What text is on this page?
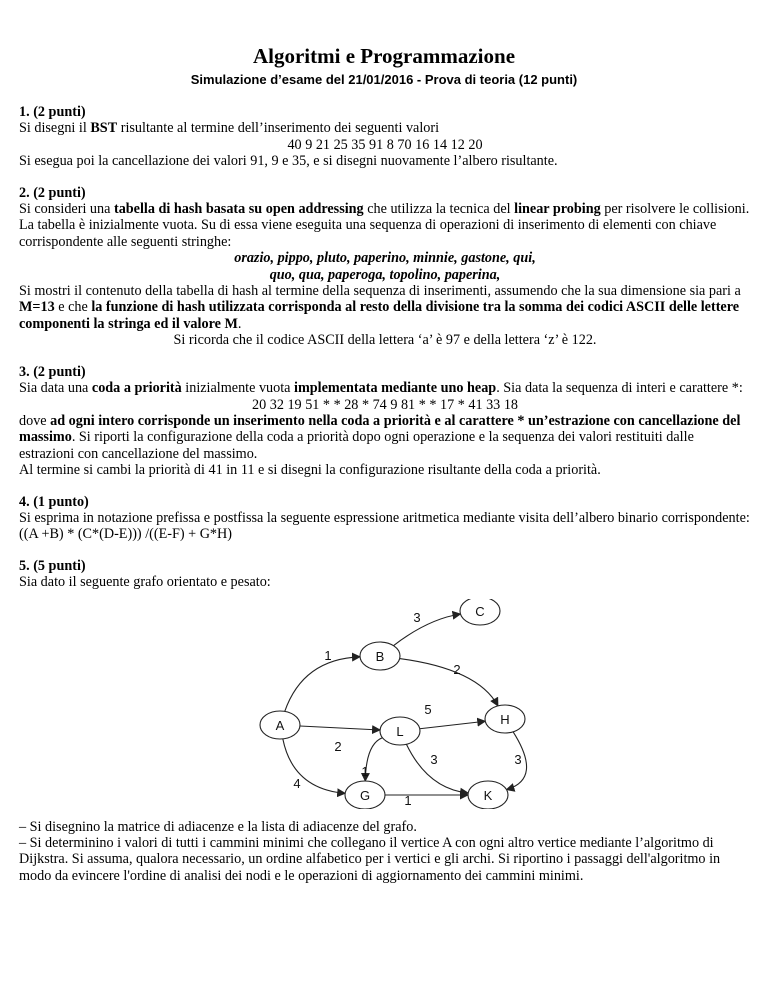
Algoritmi e Programmazione
Simulazione d’esame del 21/01/2016 - Prova di teoria (12 punti)

1. (2 punti)

Si disegni il BST risultante al termine dell’inserimento dei seguenti valori

40 9 21 25 35 91 8 70 16 14 12 20

Si esegua poi la cancellazione dei valori 91, 9 e 35, e si disegni nuovamente l’albero risultante.

2. (2 punti)

Si consideri una tabella di hash basata su open addressing che utilizza la tecnica del linear probing per risolvere le collisioni. La tabella è inizialmente vuota. Su di essa viene eseguita una sequenza di operazioni di inserimento di elementi con chiave corrispondente alle seguenti stringhe:

orazio, pippo, pluto, paperino, minnie, gastone, qui,

quo, qua, paperoga, topolino, paperina,

Si mostri il contenuto della tabella di hash al termine della sequenza di inserimenti, assumendo che la sua dimensione sia pari a M=13 e che la funzione di hash utilizzata corrisponda al resto della divisione tra la somma dei codici ASCII delle lettere componenti la stringa ed il valore M.

Si ricorda che il codice ASCII della lettera ‘a’ è 97 e della lettera ‘z’ è 122.

3. (2 punti)

Sia data una coda a priorità inizialmente vuota implementata mediante uno heap. Sia data la sequenza di interi e carattere *:

20 32 19 51 * * 28 * 74 9 81 * * 17 * 41 33 18

dove ad ogni intero corrisponde un inserimento nella coda a priorità e al carattere * un’estrazione con cancellazione del massimo. Si riporti la configurazione della coda a priorità dopo ogni operazione e la sequenza dei valori restituiti dalle estrazioni con cancellazione del massimo.

Al termine si cambi la priorità di 41 in 11 e si disegni la configurazione risultante della coda a priorità.

4. (1 punto)

Si esprima in notazione prefissa e postfissa la seguente espressione aritmetica mediante visita dell’albero binario corrispondente: ((A +B) * (C*(D-E))) /((E-F) + G*H)

5. (5 punti)

Sia dato il seguente grafo orientato e pesato:

1
3
2
2
5
1
3	3
4
1
A
B
C
H
L
G	K

– Si disegnino la matrice di adiacenze e la lista di adiacenze del grafo.

– Si determinino i valori di tutti i cammini minimi che collegano il vertice A con ogni altro vertice mediante l’algoritmo di Dijkstra. Si assuma, qualora necessario, un ordine alfabetico per i vertici e gli archi. Si riportino i passaggi dell'algoritmo in modo da evincere l'ordine di analisi dei nodi e le operazioni di aggiornamento dei cammini minimi.
